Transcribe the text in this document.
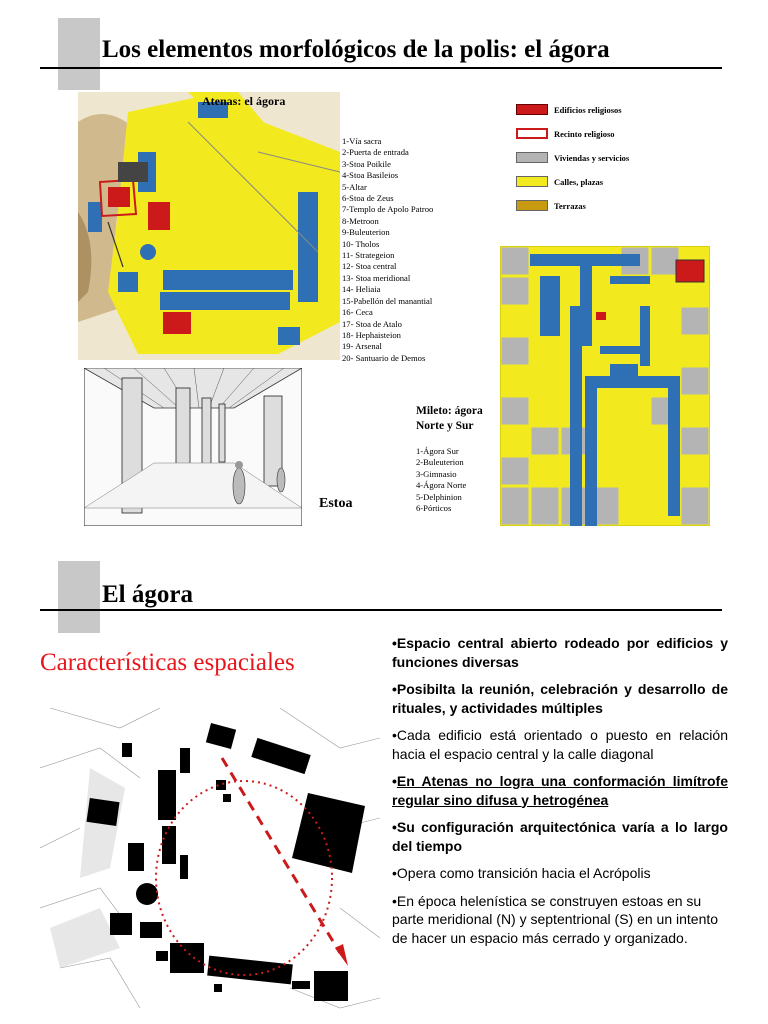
Los elementos morfológicos de la polis: el ágora
Atenas: el ágora
1-Vía sacra
2-Puerta de entrada
3-Stoa Poikile
4-Stoa Basileios
5-Altar
6-Stoa de Zeus
7-Templo de Apolo Patroo
8-Metroon
9-Buleuterion
10- Tholos
11- Strategeion
12- Stoa central
13- Stoa meridional
14- Heliaia
15-Pabellón del manantial
16- Ceca
17- Stoa de Atalo
18- Hephaisteion
19- Arsenal
20- Santuario de Demos
Edificios religiosos
Recinto religioso
Viviendas y servicios
Calles, plazas
Terrazas
Estoa
Mileto: ágora Norte y Sur
1-Ágora Sur
2-Buleuterion
3-Gimnasio
4-Ágora Norte
5-Delphinion
6-Pórticos
El ágora
Características espaciales
•Espacio central abierto rodeado por edificios y funciones diversas
•Posibilta la reunión, celebración y desarrollo de rituales, y actividades múltiples
•Cada edificio está orientado o puesto en relación hacia el espacio central y la calle diagonal
•En Atenas no logra una conformación limítrofe regular sino difusa y hetrogénea
•Su configuración arquitectónica varía a lo largo del tiempo
•Opera como transición hacia el Acrópolis
•En época helenística se construyen estoas en su parte meridional (N) y septentrional (S) en un intento de hacer un espacio más cerrado y organizado.
